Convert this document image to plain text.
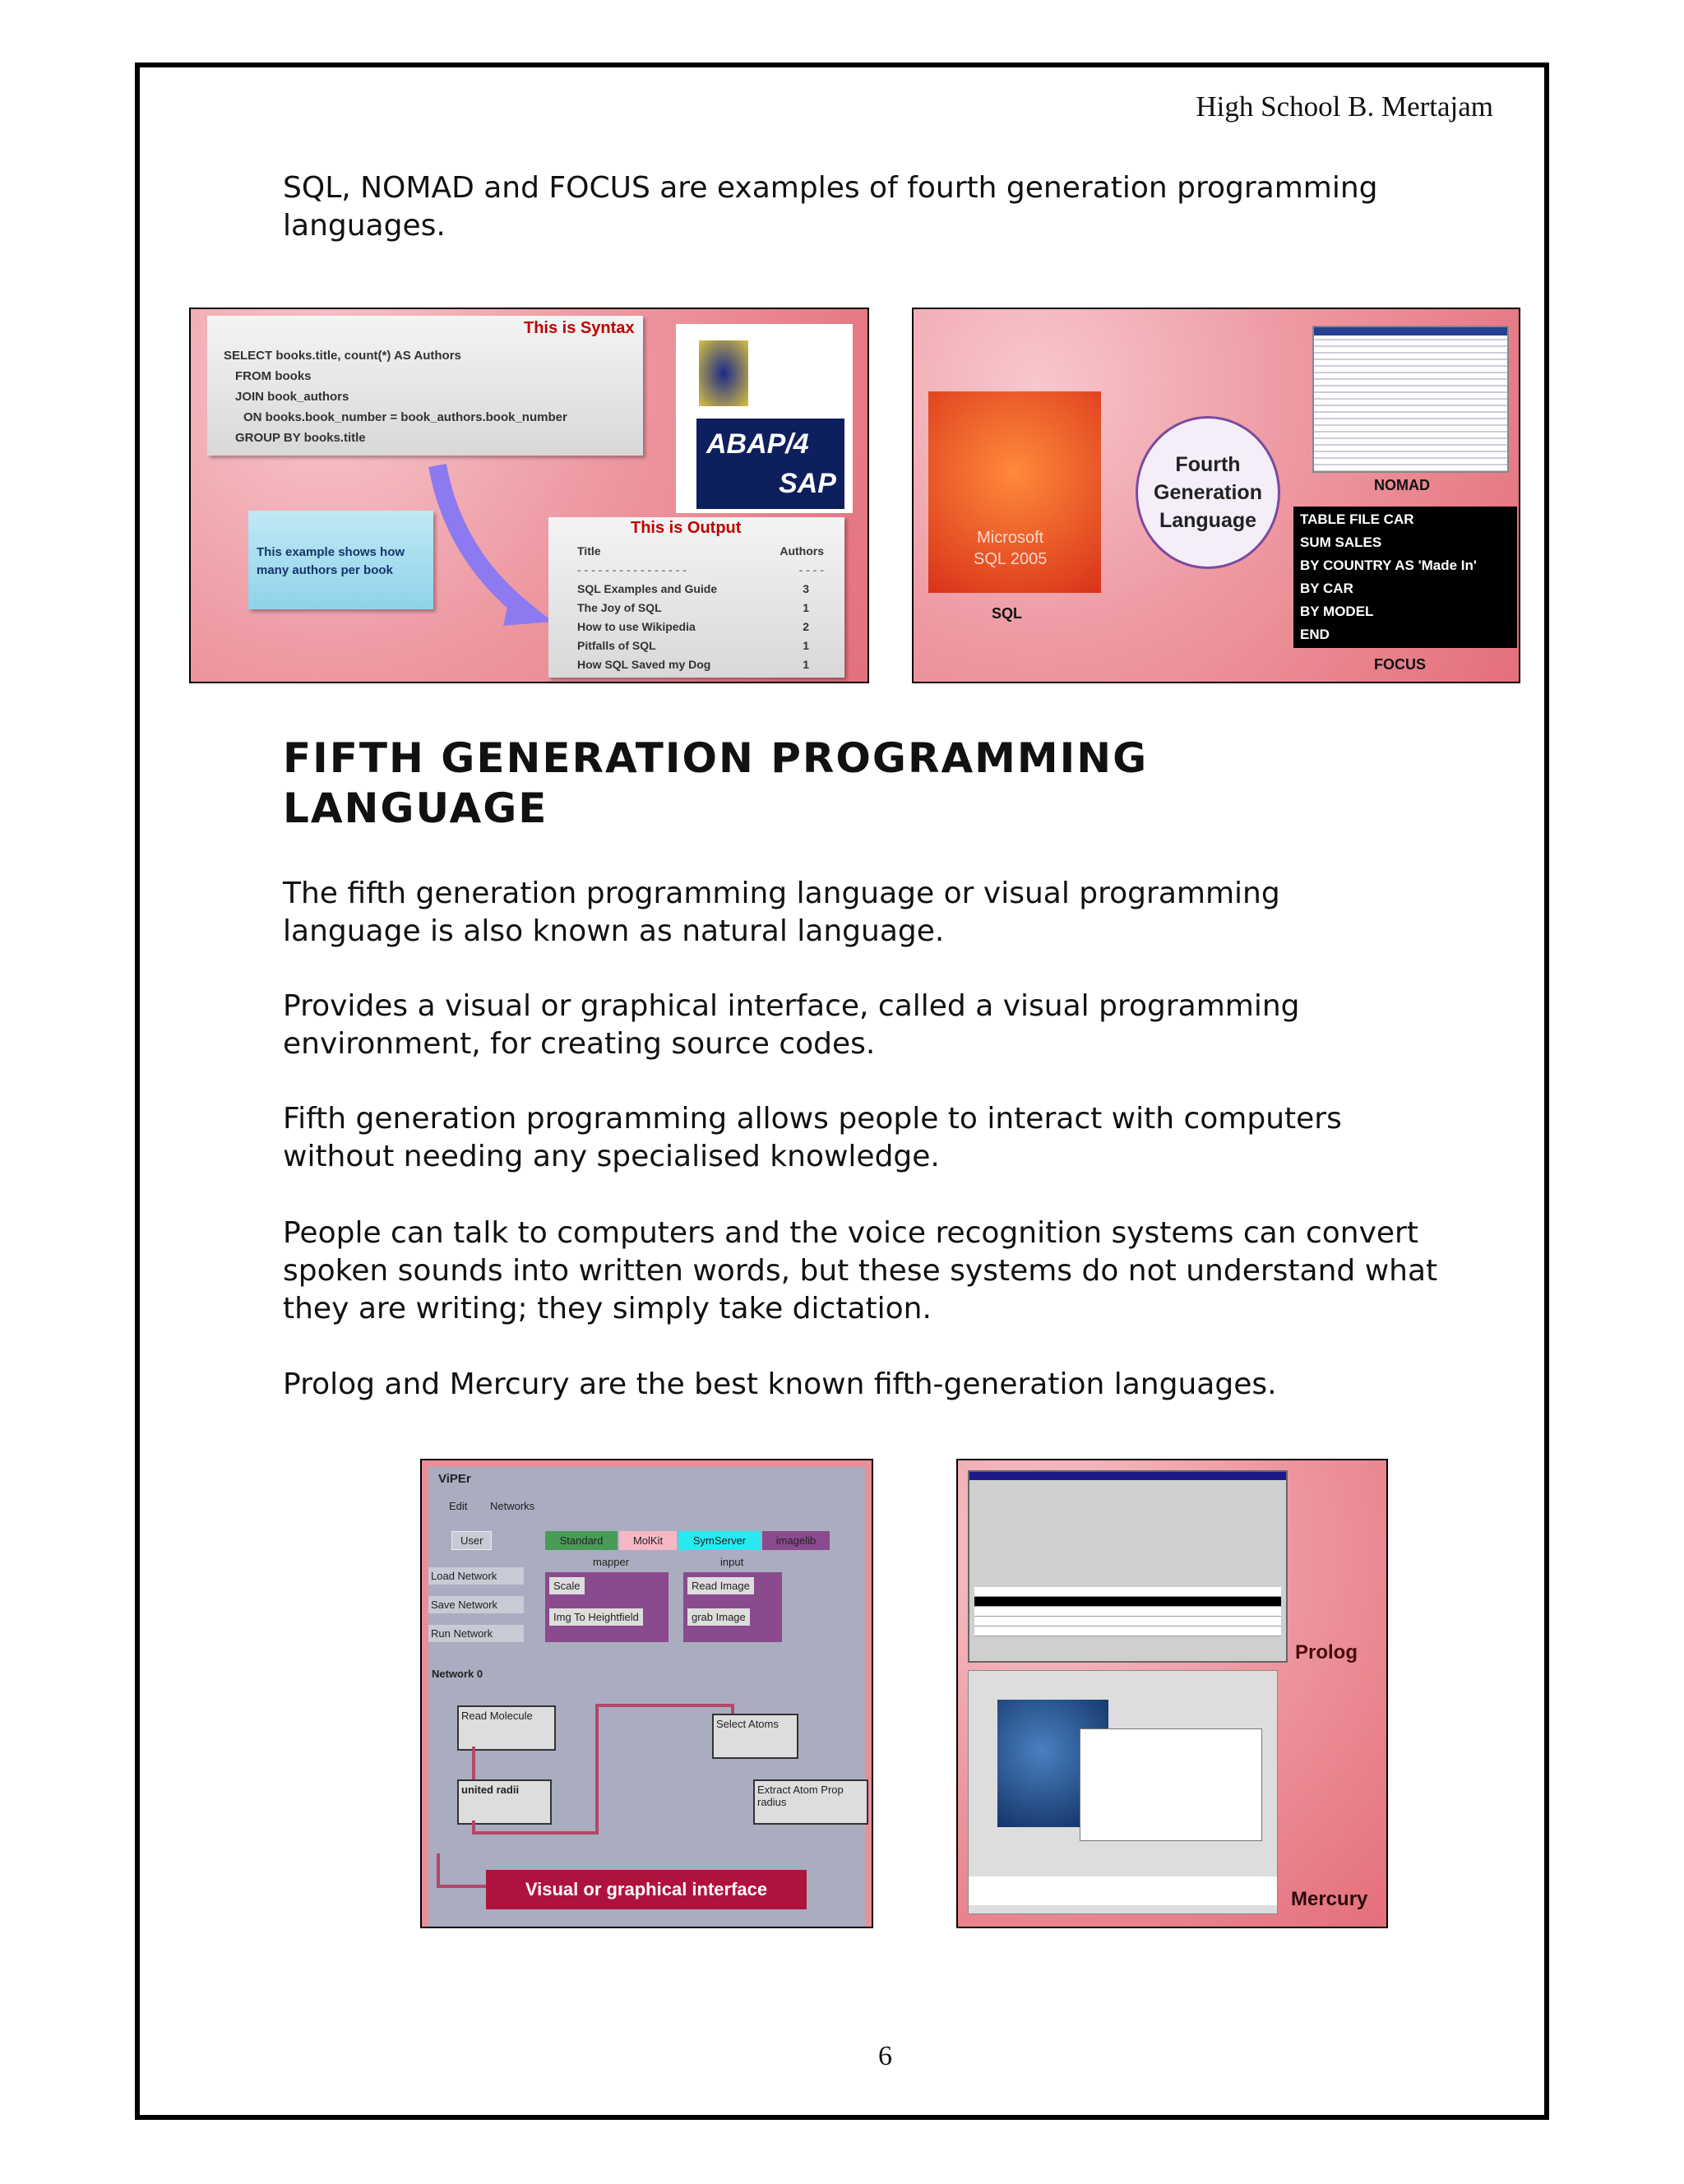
High School B. Mertajam
SQL, NOMAD and FOCUS are examples of fourth generation programming
languages.
This is Syntax
SELECT books.title, count(*) AS Authors
FROM books
JOIN book_authors
ON books.book_number = book_authors.book_number
GROUP BY books.title	ABAP/4
SAP
This example shows how many authors per book
This is Output
Title	Authors
- - - - - - - - - - - - - - - -	- - - -
SQL Examples and Guide	3
The Joy of SQL	1
How to use Wikipedia	2
Pitfalls of SQL	1
How SQL Saved my Dog	1
Microsoft
SQL 2005
SQL
Fourth
Generation
Language
NOMAD
TABLE FILE CAR
SUM SALES
BY COUNTRY AS 'Made In'
BY CAR
BY MODEL
END
FOCUS
FIFTH GENERATION PROGRAMMING
LANGUAGE
The fifth generation programming language or visual programming
language is also known as natural language.
Provides a visual or graphical interface, called a visual programming
environment, for creating source codes.
Fifth generation programming allows people to interact with computers
without needing any specialised knowledge.
People can talk to computers and the voice recognition systems can convert
spoken sounds into written words, but these systems do not understand what
they are writing; they simply take dictation.
Prolog and Mercury are the best known fifth-generation languages.
ViPEr
Edit Networks
User
Load Network
Save Network
Run Network
Standard	MolKit	SymServer	imagelib
mapper	input
Scale
Img To Heightfield
Read Image
grab Image
Network 0
Read Molecule
united radii
Select Atoms
Extract Atom Prop
radius
Visual or graphical interface
Prolog
Mercury
6
